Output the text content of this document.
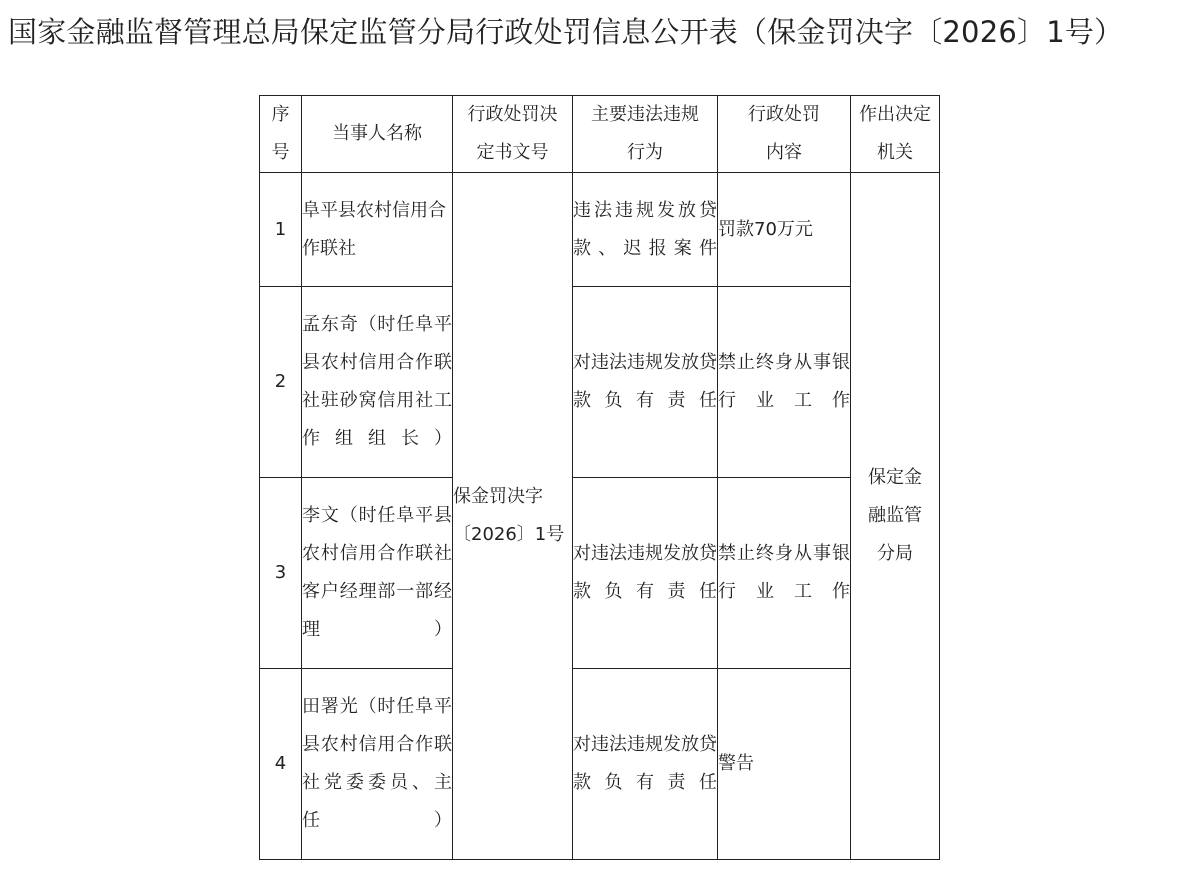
国家金融监督管理总局保定监管分局行政处罚信息公开表（保金罚决字〔2026〕1号）
序号	当事人名称	行政处罚决定书文号	主要违法违规行为	行政处罚内容	作出决定机关
1	阜平县农村信用合作联社	保金罚决字〔2026〕1号	违法违规发放贷款、迟报案件	罚款70万元	保定金融监管分局
2	孟东奇（时任阜平县农村信用合作联社驻砂窝信用社工作组组长）		对违法违规发放贷款负有责任	禁止终身从事银行业工作	
3	李文（时任阜平县农村信用合作联社客户经理部一部经理）		对违法违规发放贷款负有责任	禁止终身从事银行业工作	
4	田署光（时任阜平县农村信用合作联社党委委员、主任）		对违法违规发放贷款负有责任	警告	
